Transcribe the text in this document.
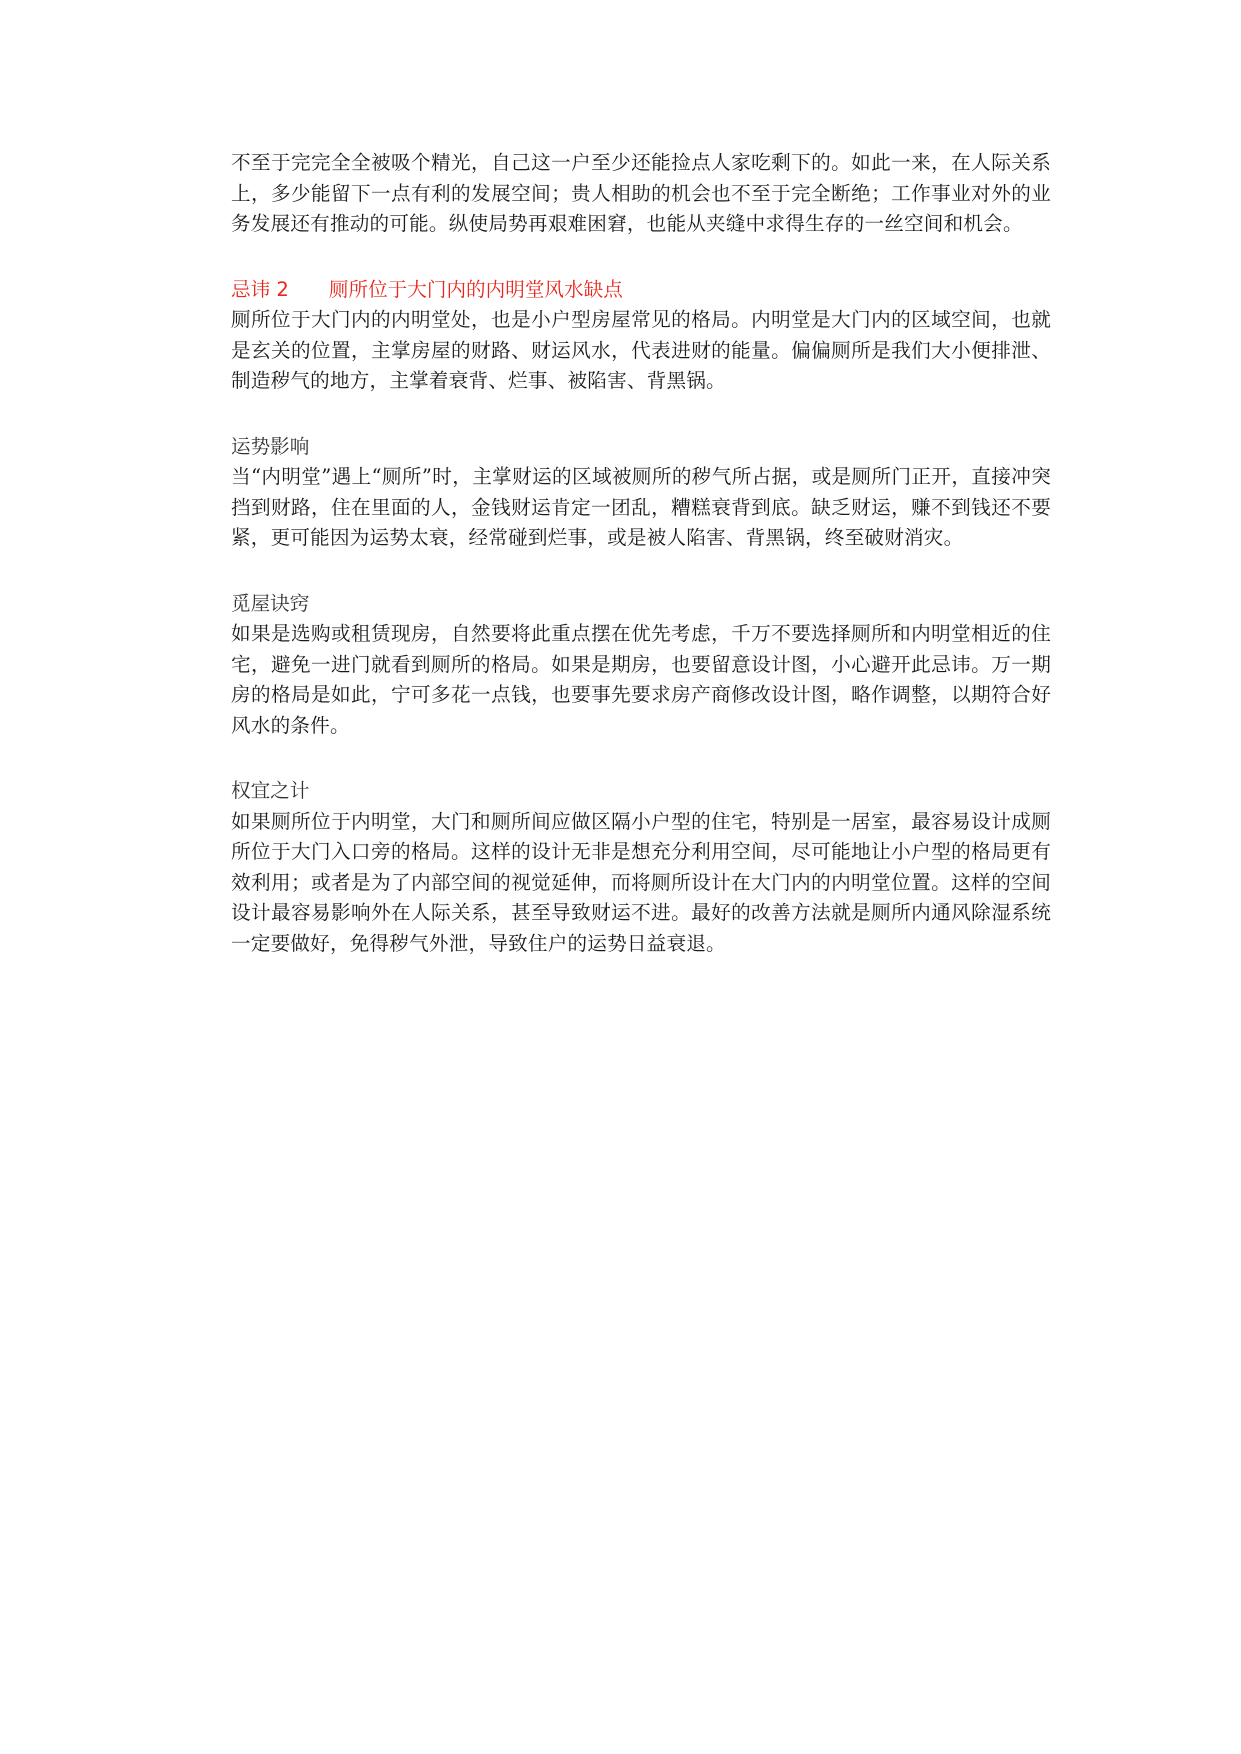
不至于完完全全被吸个精光，自己这一户至少还能捡点人家吃剩下的。如此一来，在人际关系上，多少能留下一点有利的发展空间；贵人相助的机会也不至于完全断绝；工作事业对外的业务发展还有推动的可能。纵使局势再艰难困窘，也能从夹缝中求得生存的一丝空间和机会。

忌讳 2 厕所位于大门内的内明堂风水缺点

厕所位于大门内的内明堂处，也是小户型房屋常见的格局。内明堂是大门内的区域空间，也就是玄关的位置，主掌房屋的财路、财运风水，代表进财的能量。偏偏厕所是我们大小便排泄、制造秽气的地方，主掌着衰背、烂事、被陷害、背黑锅。

运势影响

当“内明堂”遇上“厕所”时，主掌财运的区域被厕所的秽气所占据，或是厕所门正开，直接冲突挡到财路，住在里面的人，金钱财运肯定一团乱，糟糕衰背到底。缺乏财运，赚不到钱还不要紧，更可能因为运势太衰，经常碰到烂事，或是被人陷害、背黑锅，终至破财消灾。

觅屋诀窍

如果是选购或租赁现房，自然要将此重点摆在优先考虑，千万不要选择厕所和内明堂相近的住宅，避免一进门就看到厕所的格局。如果是期房，也要留意设计图，小心避开此忌讳。万一期房的格局是如此，宁可多花一点钱，也要事先要求房产商修改设计图，略作调整，以期符合好风水的条件。

权宜之计

如果厕所位于内明堂，大门和厕所间应做区隔小户型的住宅，特别是一居室，最容易设计成厕所位于大门入口旁的格局。这样的设计无非是想充分利用空间，尽可能地让小户型的格局更有效利用；或者是为了内部空间的视觉延伸，而将厕所设计在大门内的内明堂位置。这样的空间设计最容易影响外在人际关系，甚至导致财运不进。最好的改善方法就是厕所内通风除湿系统一定要做好，免得秽气外泄，导致住户的运势日益衰退。
